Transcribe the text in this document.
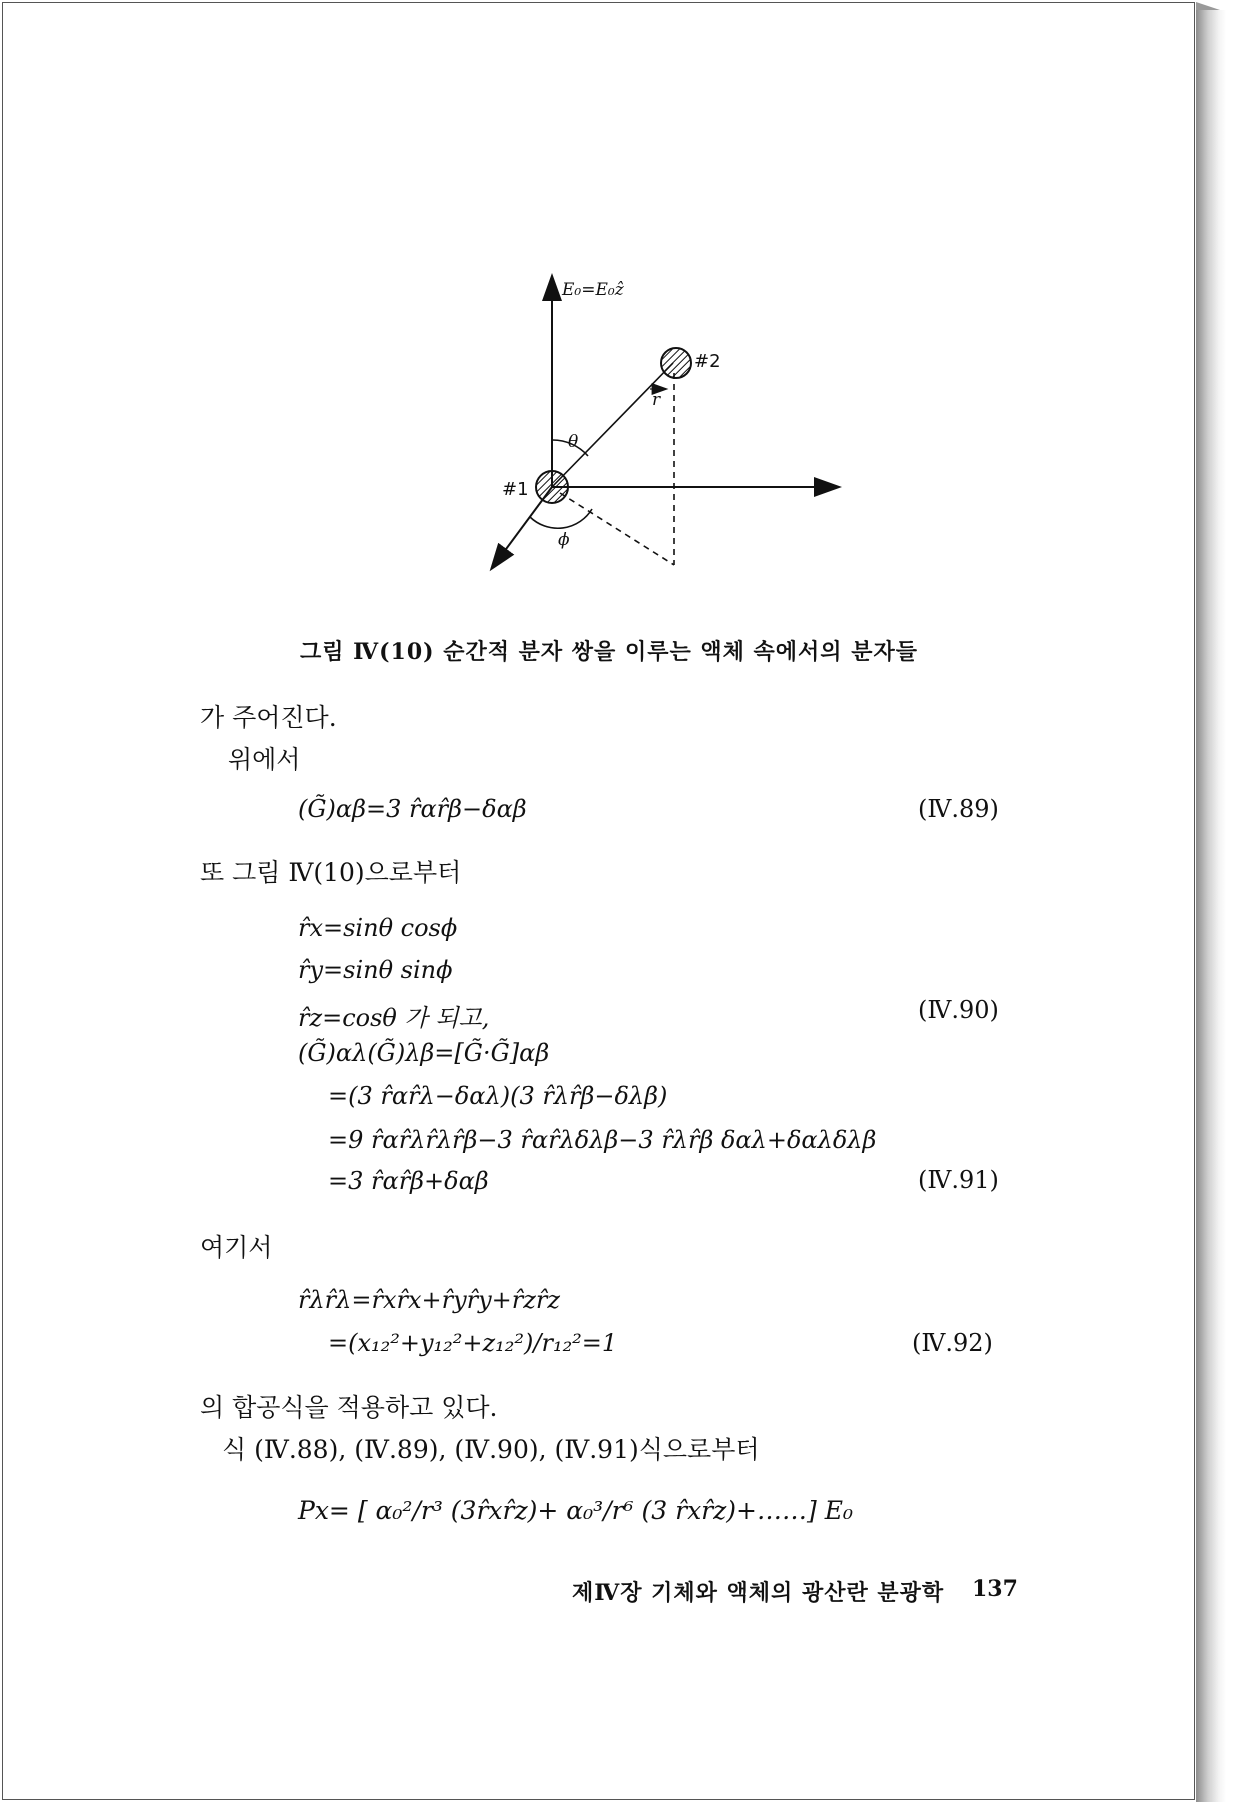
E₀=E₀ẑ
#1
#2
r
θ
ϕ
그림 Ⅳ(10) 순간적 분자 쌍을 이루는 액체 속에서의 분자들
가 주어진다.
위에서
(G̃)αβ=3 r̂αr̂β−δαβ	(Ⅳ.89)
또 그림 Ⅳ(10)으로부터
r̂x=sinθ cosϕ
r̂y=sinθ sinϕ
r̂z=cosθ 가 되고,	(Ⅳ.90)
(G̃)αλ(G̃)λβ=[G̃·G̃]αβ
=(3 r̂αr̂λ−δαλ)(3 r̂λr̂β−δλβ)
=9 r̂αr̂λr̂λr̂β−3 r̂αr̂λδλβ−3 r̂λr̂β δαλ+δαλδλβ
=3 r̂αr̂β+δαβ	(Ⅳ.91)
여기서
r̂λr̂λ=r̂xr̂x+r̂yr̂y+r̂zr̂z
=(x₁₂²+y₁₂²+z₁₂²)/r₁₂²=1	(Ⅳ.92)
의 합공식을 적용하고 있다.
식 (Ⅳ.88), (Ⅳ.89), (Ⅳ.90), (Ⅳ.91)식으로부터
Px= [ α₀²/r³ (3r̂xr̂z)+ α₀³/r⁶ (3 r̂xr̂z)+……] E₀
제Ⅳ장 기체와 액체의 광산란 분광학 137
